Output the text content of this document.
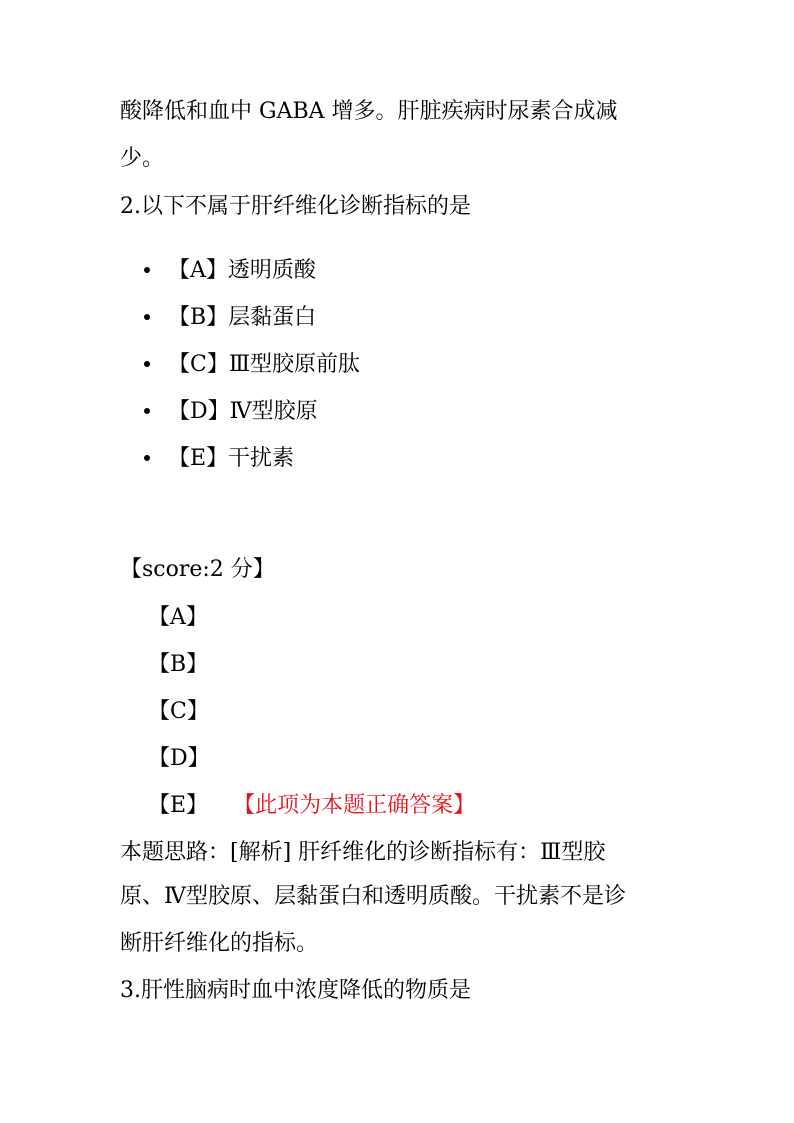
酸降低和血中 GABA 增多。肝脏疾病时尿素合成减
少。
2.以下不属于肝纤维化诊断指标的是
【A】透明质酸
【B】层黏蛋白
【C】Ⅲ型胶原前肽
【D】Ⅳ型胶原
【E】干扰素
【score:2 分】
【A】
【B】
【C】
【D】
【E】 【此项为本题正确答案】
本题思路：[解析] 肝纤维化的诊断指标有：Ⅲ型胶
原、Ⅳ型胶原、层黏蛋白和透明质酸。干扰素不是诊
断肝纤维化的指标。
3.肝性脑病时血中浓度降低的物质是
